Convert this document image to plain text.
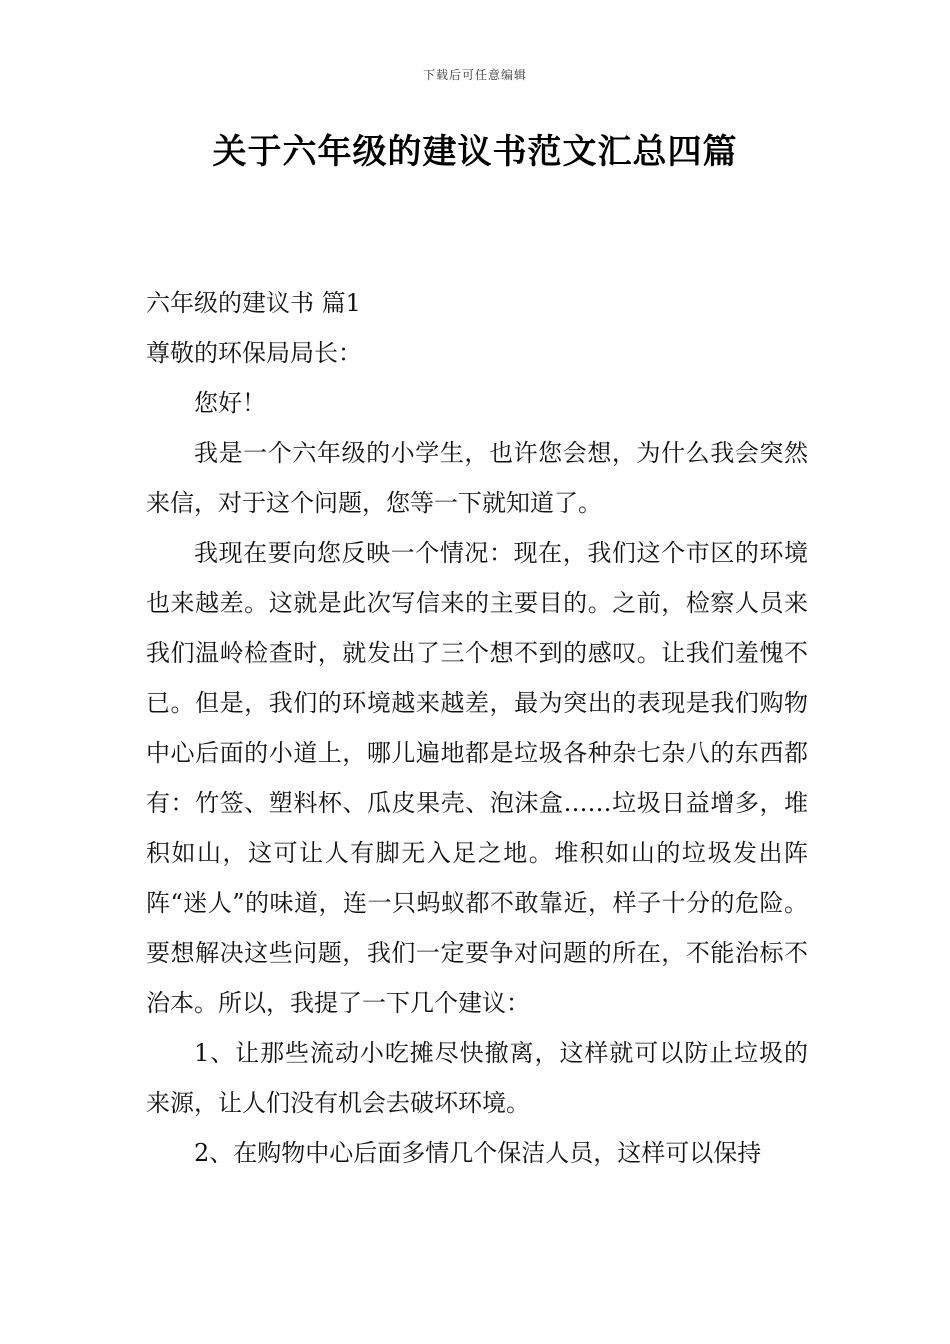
下载后可任意编辑
关于六年级的建议书范文汇总四篇

六年级的建议书 篇1

尊敬的环保局局长：

您好！

我是一个六年级的小学生，也许您会想，为什么我会突然来信，对于这个问题，您等一下就知道了。

我现在要向您反映一个情况：现在，我们这个市区的环境也来越差。这就是此次写信来的主要目的。之前，检察人员来我们温岭检查时，就发出了三个想不到的感叹。让我们羞愧不已。但是，我们的环境越来越差，最为突出的表现是我们购物中心后面的小道上，哪儿遍地都是垃圾各种杂七杂八的东西都有：竹签、塑料杯、瓜皮果壳、泡沫盒……垃圾日益增多，堆积如山，这可让人有脚无入足之地。堆积如山的垃圾发出阵阵“迷人”的味道，连一只蚂蚁都不敢靠近，样子十分的危险。要想解决这些问题，我们一定要争对问题的所在，不能治标不治本。所以，我提了一下几个建议：

1、让那些流动小吃摊尽快撤离，这样就可以防止垃圾的来源，让人们没有机会去破坏环境。

2、在购物中心后面多情几个保洁人员，这样可以保持
